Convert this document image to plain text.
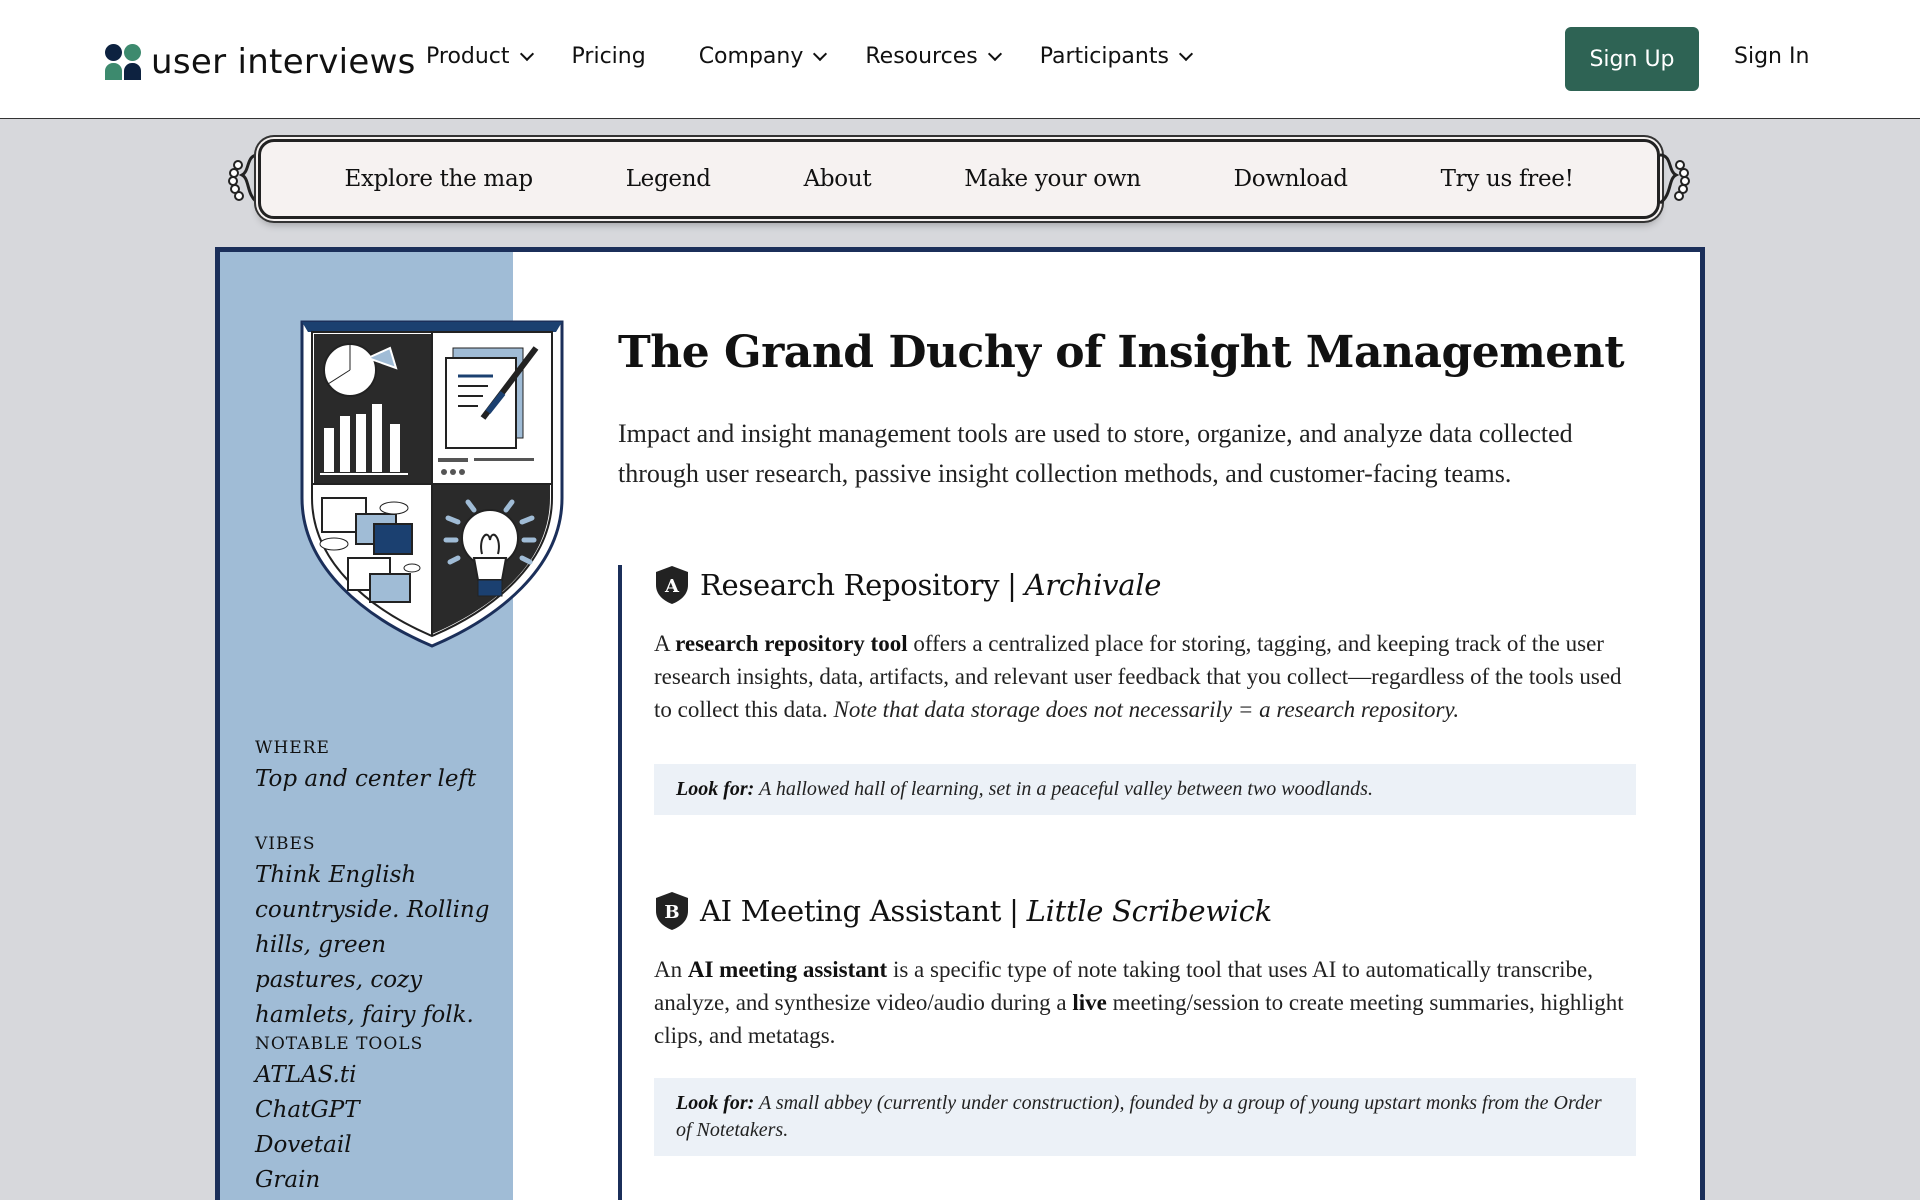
user interviews Product	Pricing Company	Resources	Participants	Sign Up	Sign In
Explore the map	Legend	About	Make your own	Download	Try us free!
WHERE
Top and center left
VIBES
Think English countryside. Rolling hills, green pastures, cozy hamlets, fairy folk.
NOTABLE TOOLS
ATLAS.ti
ChatGPT
Dovetail
Grain
The Grand Duchy of Insight Management

Impact and insight management tools are used to store, organize, and analyze data collected through user research, passive insight collection methods, and customer-facing teams.

A Research Repository | Archivale

A research repository tool offers a centralized place for storing, tagging, and keeping track of the user research insights, data, artifacts, and relevant user feedback that you collect—regardless of the tools used to collect this data. Note that data storage does not necessarily = a research repository.

Look for: A hallowed hall of learning, set in a peaceful valley between two woodlands.
B AI Meeting Assistant | Little Scribewick

An AI meeting assistant is a specific type of note taking tool that uses AI to automatically transcribe, analyze, and synthesize video/audio during a live meeting/session to create meeting summaries, highlight clips, and metatags.

Look for: A small abbey (currently under construction), founded by a group of young upstart monks from the Order of Notetakers.
